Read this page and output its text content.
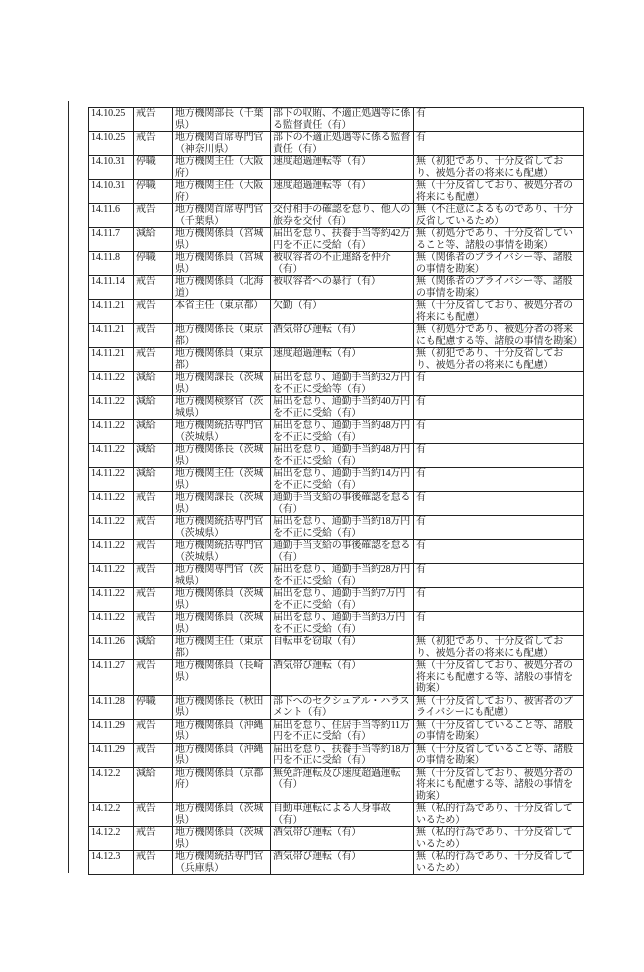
14.10.25	戒告	地方機関部長（千葉県）	部下の収賄、不適正処遇等に係る監督責任（有）	有
14.10.25	戒告	地方機関首席専門官（神奈川県）	部下の不適正処遇等に係る監督責任（有）	有
14.10.31	停職	地方機関主任（大阪府）	速度超過運転等（有）	無（初犯であり、十分反省しており、被処分者の将来にも配慮）
14.10.31	停職	地方機関主任（大阪府）	速度超過運転等（有）	無（十分反省しており、被処分者の将来にも配慮）
14.11.6	戒告	地方機関首席専門官（千葉県）	交付相手の確認を怠り、他人の旅券を交付（有）	無（不注意によるものであり、十分反省しているため）
14.11.7	減給	地方機関係員（宮城県）	届出を怠り、扶養手当等約42万円を不正に受給（有）	無（初処分であり、十分反省していること等、諸般の事情を勘案）
14.11.8	停職	地方機関係員（宮城県）	被収容者の不正連絡を仲介（有）	無（関係者のプライバシー等、諸般の事情を勘案）
14.11.14	戒告	地方機関係員（北海道）	被収容者への暴行（有）	無（関係者のプライバシー等、諸般の事情を勘案）
14.11.21	戒告	本省主任（東京都）	欠勤（有）	無（十分反省しており、被処分者の将来にも配慮）
14.11.21	戒告	地方機関係長（東京都）	酒気帯び運転（有）	無（初処分であり、被処分者の将来にも配慮する等、諸般の事情を勘案）
14.11.21	戒告	地方機関係員（東京都）	速度超過運転（有）	無（初犯であり、十分反省しており、被処分者の将来にも配慮）
14.11.22	減給	地方機関課長（茨城県）	届出を怠り、通勤手当約32万円を不正に受給等（有）	有
14.11.22	減給	地方機関検察官（茨城県）	届出を怠り、通勤手当約40万円を不正に受給（有）	有
14.11.22	減給	地方機関統括専門官（茨城県）	届出を怠り、通勤手当約48万円を不正に受給（有）	有
14.11.22	減給	地方機関係長（茨城県）	届出を怠り、通勤手当約48万円を不正に受給（有）	有
14.11.22	減給	地方機関主任（茨城県）	届出を怠り、通勤手当約14万円を不正に受給（有）	有
14.11.22	戒告	地方機関課長（茨城県）	通勤手当支給の事後確認を怠る（有）	有
14.11.22	戒告	地方機関統括専門官（茨城県）	届出を怠り、通勤手当約18万円を不正に受給（有）	有
14.11.22	戒告	地方機関統括専門官（茨城県）	通勤手当支給の事後確認を怠る（有）	有
14.11.22	戒告	地方機関専門官（茨城県）	届出を怠り、通勤手当約28万円を不正に受給（有）	有
14.11.22	戒告	地方機関係員（茨城県）	届出を怠り、通勤手当約7万円を不正に受給（有）	有
14.11.22	戒告	地方機関係員（茨城県）	届出を怠り、通勤手当約3万円を不正に受給（有）	有
14.11.26	減給	地方機関主任（東京都）	自転車を窃取（有）	無（初犯であり、十分反省しており、被処分者の将来にも配慮）
14.11.27	戒告	地方機関係員（長崎県）	酒気帯び運転（有）	無（十分反省しており、被処分者の将来にも配慮する等、諸般の事情を勘案）
14.11.28	停職	地方機関係長（秋田県）	部下へのセクシュアル・ハラスメント（有）	無（十分反省しており、被害者のプライバシーにも配慮）
14.11.29	戒告	地方機関係員（沖縄県）	届出を怠り、住居手当等約11万円を不正に受給（有）	無（十分反省していること等、諸般の事情を勘案）
14.11.29	戒告	地方機関係員（沖縄県）	届出を怠り、扶養手当等約18万円を不正に受給（有）	無（十分反省していること等、諸般の事情を勘案）
14.12.2	減給	地方機関係員（京都府）	無免許運転及び速度超過運転（有）	無（十分反省しており、被処分者の将来にも配慮する等、諸般の事情を勘案）
14.12.2	戒告	地方機関係員（茨城県）	自動車運転による人身事故（有）	無（私的行為であり、十分反省しているため）
14.12.2	戒告	地方機関係員（茨城県）	酒気帯び運転（有）	無（私的行為であり、十分反省しているため）
14.12.3	戒告	地方機関統括専門官（兵庫県）	酒気帯び運転（有）	無（私的行為であり、十分反省しているため）
